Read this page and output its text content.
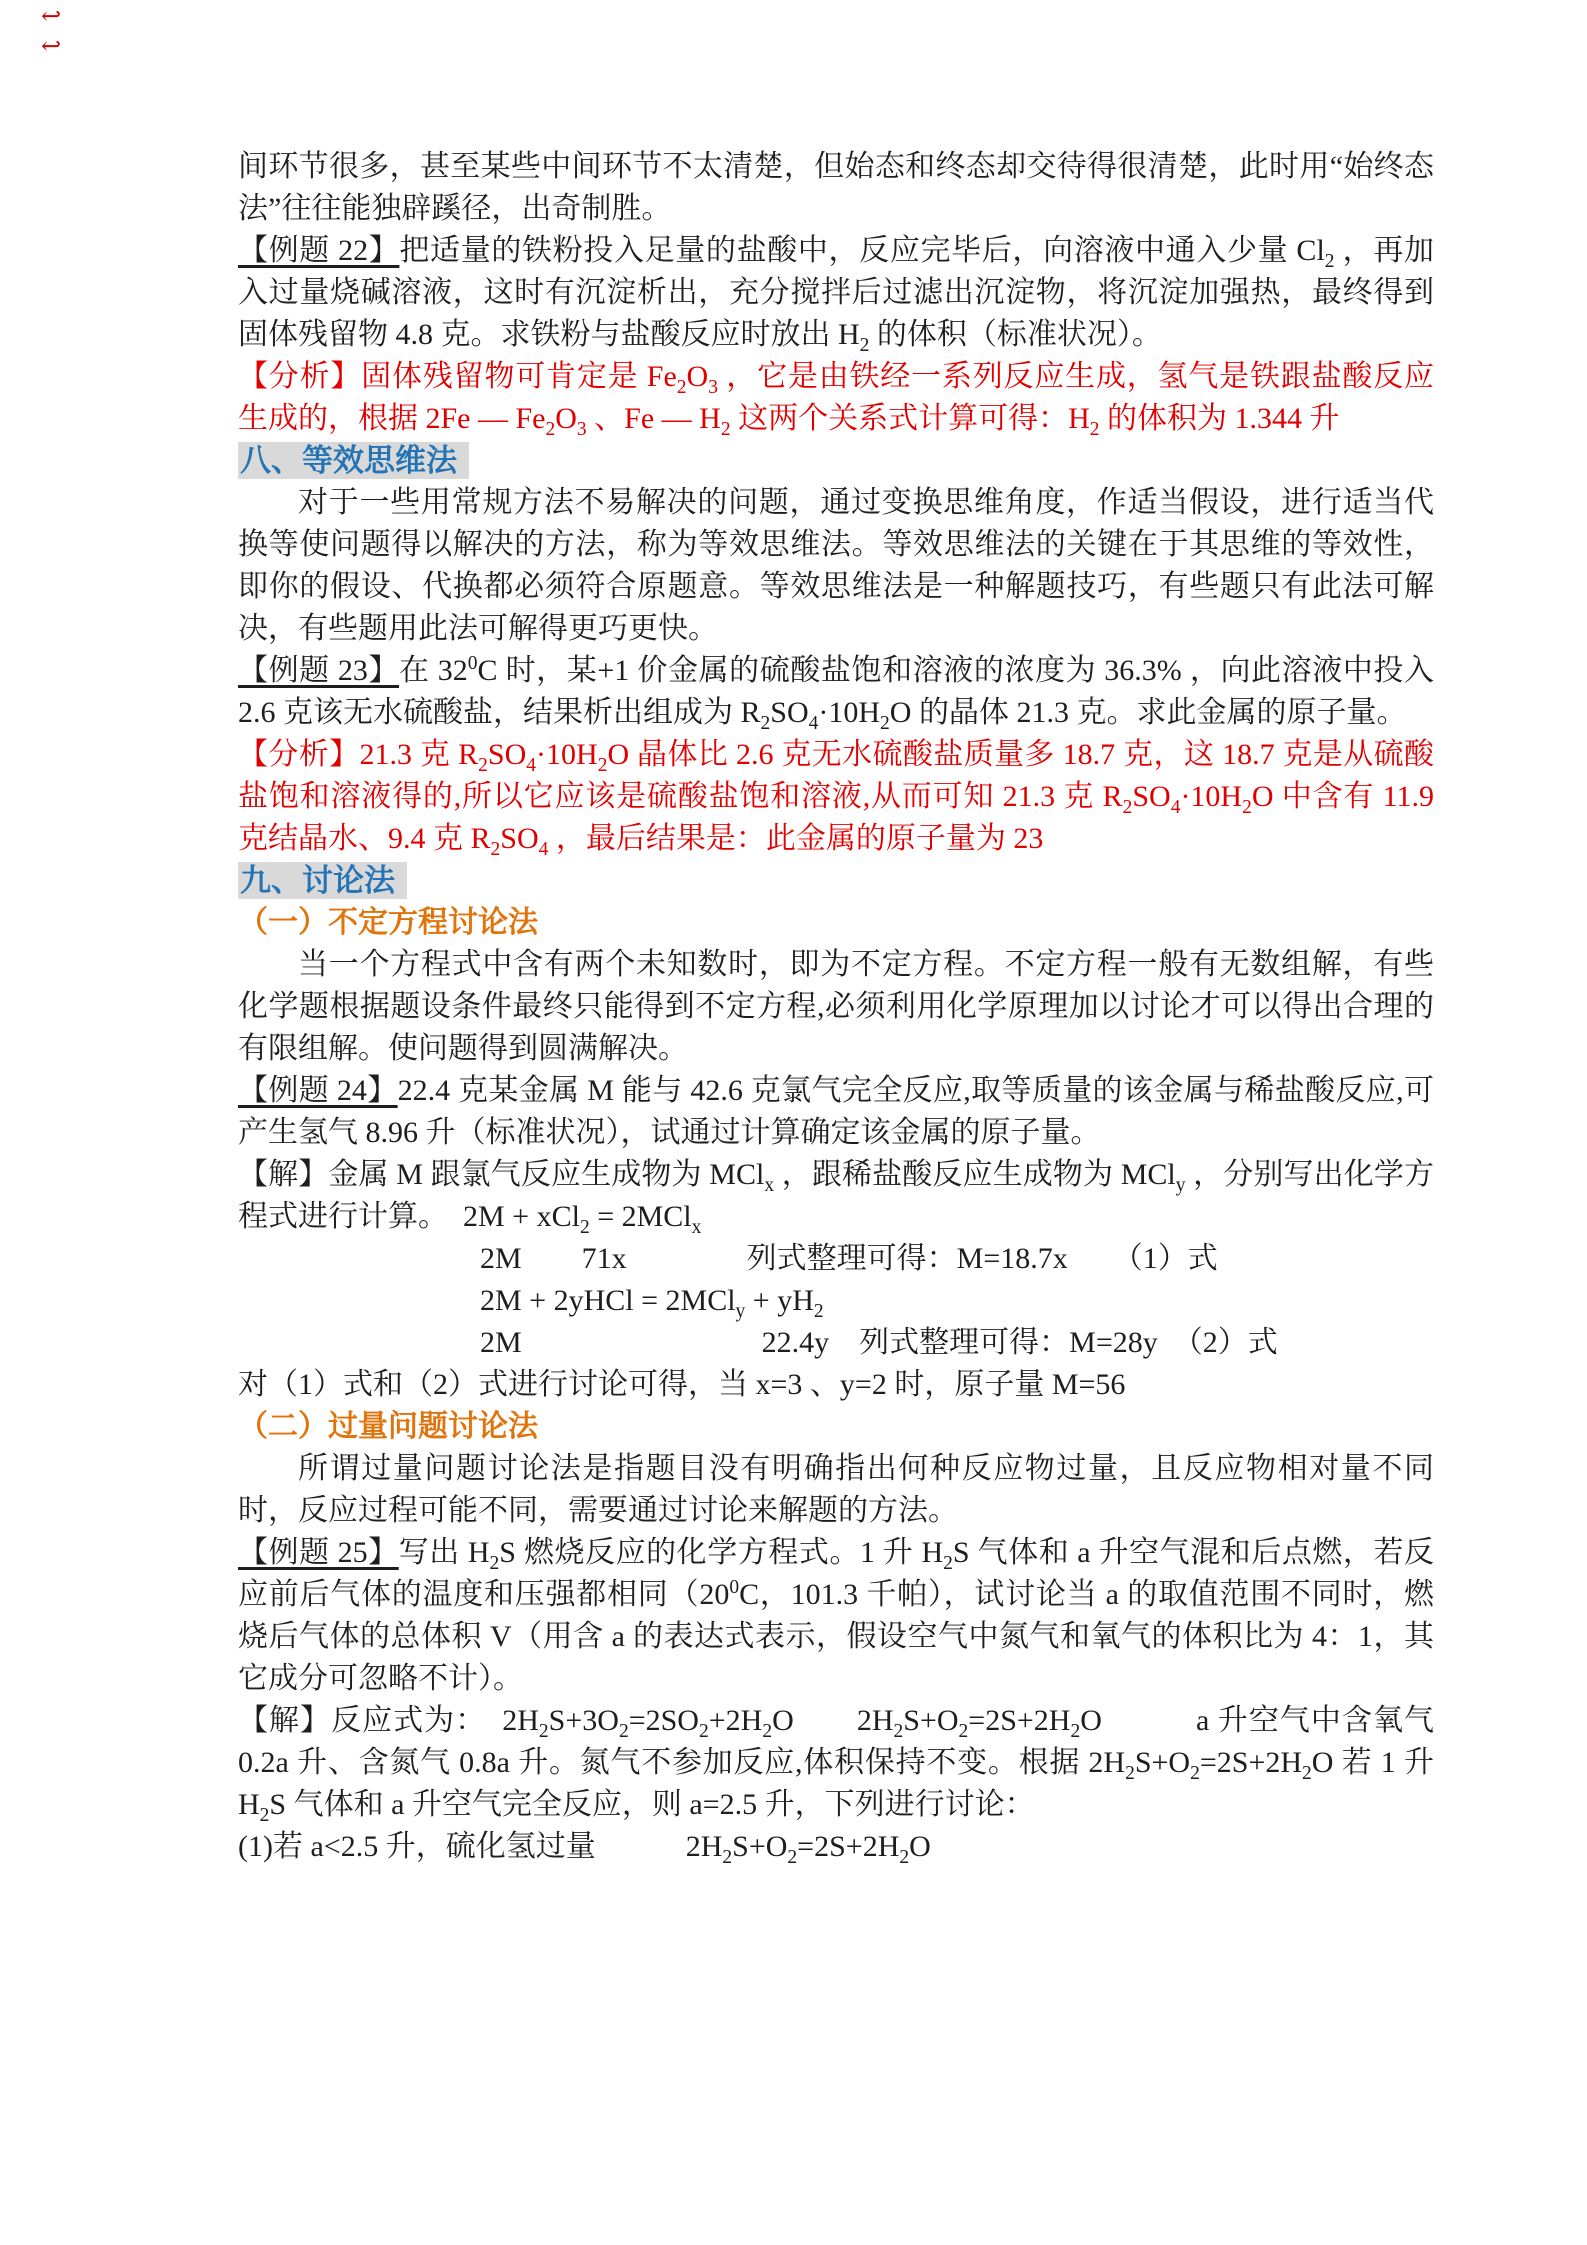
↩
↩

间环节很多，甚至某些中间环节不太清楚，但始态和终态却交待得很清楚，此时用“始终态法”往往能独辟蹊径，出奇制胜。

【例题 22】把适量的铁粉投入足量的盐酸中，反应完毕后，向溶液中通入少量 $Cl_2$ ，再加入过量烧碱溶液，这时有沉淀析出，充分搅拌后过滤出沉淀物，将沉淀加强热，最终得到固体残留物 4.8 克。求铁粉与盐酸反应时放出 $H_2$ 的体积（标准状况）。

【分析】固体残留物可肯定是 $Fe_2O_3$ ，它是由铁经一系列反应生成，氢气是铁跟盐酸反应生成的，根据 2Fe — $Fe_2O_3$ 、Fe — $H_2$ 这两个关系式计算可得：$H_2$ 的体积为 1.344 升

八、等效思维法

对于一些用常规方法不易解决的问题，通过变换思维角度，作适当假设，进行适当代换等使问题得以解决的方法，称为等效思维法。等效思维法的关键在于其思维的等效性，即你的假设、代换都必须符合原题意。等效思维法是一种解题技巧，有些题只有此法可解决，有些题用此法可解得更巧更快。

【例题 23】在 $32^0C$ 时，某+1 价金属的硫酸盐饱和溶液的浓度为 36.3% ，向此溶液中投入 2.6 克该无水硫酸盐，结果析出组成为 $R_2SO_4\cdot 10H_2O$ 的晶体 21.3 克。求此金属的原子量。

【分析】21.3 克 $R_2SO_4\cdot 10H_2O$ 晶体比 2.6 克无水硫酸盐质量多 18.7 克，这 18.7 克是从硫酸盐饱和溶液得的,所以它应该是硫酸盐饱和溶液,从而可知 21.3 克 $R_2SO_4\cdot 10H_2O$ 中含有 11.9 克结晶水、9.4 克 $R_2SO_4$ ，最后结果是：此金属的原子量为 23

九、讨论法

（一）不定方程讨论法

当一个方程式中含有两个未知数时，即为不定方程。不定方程一般有无数组解，有些化学题根据题设条件最终只能得到不定方程,必须利用化学原理加以讨论才可以得出合理的有限组解。使问题得到圆满解决。

【例题 24】22.4 克某金属 M 能与 42.6 克氯气完全反应,取等质量的该金属与稀盐酸反应,可产生氢气 8.96 升（标准状况），试通过计算确定该金属的原子量。

【解】金属 M 跟氯气反应生成物为 MCl$_x$ ，跟稀盐酸反应生成物为 MCl$_y$ ，分别写出化学方程式进行计算。　2M + xCl$_2$ = 2MCl$_x$

2M　　71x　　　　列式整理可得：M=18.7x　　（1）式

2M + 2yHCl = $2MCl_y + yH_2$

2M　　　　　　　　22.4y　列式整理可得：M=28y　（2）式

对（1）式和（2）式进行讨论可得，当 x=3 、y=2 时，原子量 M=56

（二）过量问题讨论法

所谓过量问题讨论法是指题目没有明确指出何种反应物过量，且反应物相对量不同时，反应过程可能不同，需要通过讨论来解题的方法。

【例题 25】写出 $H_2S$ 燃烧反应的化学方程式。1 升 $H_2S$ 气体和 a 升空气混和后点燃，若反应前后气体的温度和压强都相同（$20^0C$，101.3 千帕），试讨论当 a 的取值范围不同时，燃烧后气体的总体积 V（用含 a 的表达式表示，假设空气中氮气和氧气的体积比为 4：1，其它成分可忽略不计）。

【解】反应式为：　$2H_2S+3O_2=2SO_2+2H_2O$　　$2H_2S+O_2=2S+2H_2O$　　　a 升空气中含氧气 0.2a 升、含氮气 0.8a 升。氮气不参加反应,体积保持不变。根据 $2H_2S+O_2=2S+2H_2O$ 若 1 升 $H_2S$ 气体和 a 升空气完全反应，则 a=2.5 升，下列进行讨论：

(1)若 a<2.5 升，硫化氢过量　　　$2H_2S+O_2=2S+2H_2O$
